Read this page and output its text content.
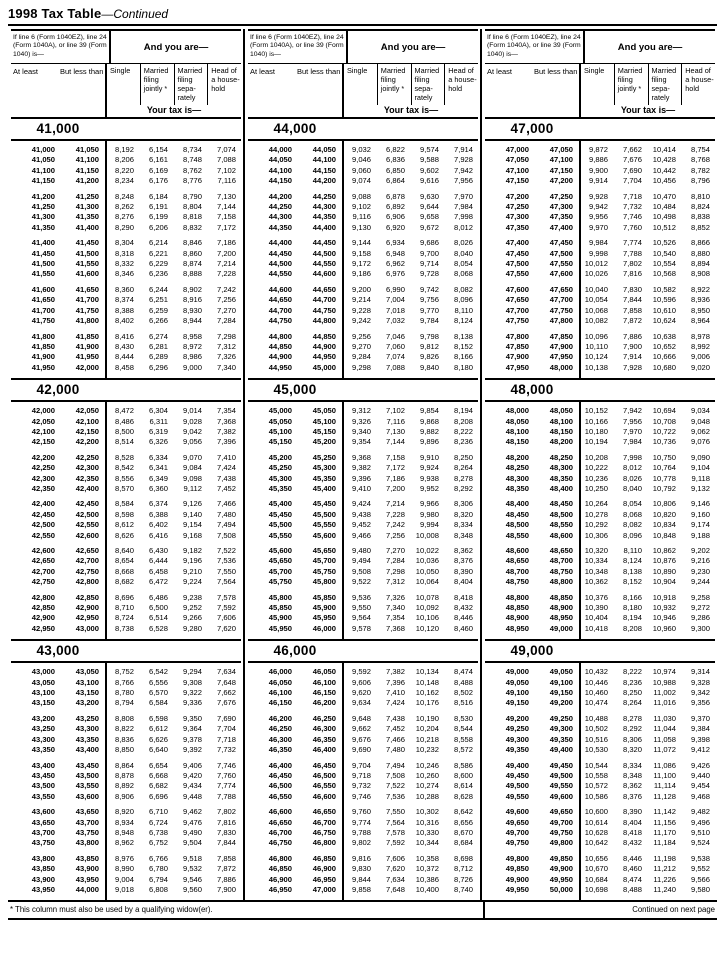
1998 Tax Table—Continued
If line 6 (Form 1040EZ), line 24 (Form 1040A), or line 39 (Form 1040) is—
And you are—
At least	But less than Single	Married filing jointly *
Married filing sepa- rately
Head of a house- hold
Your tax is—
41,000
41,000	41,050	8,192	6,154	8,734	7,074
41,050	41,100	8,206	6,161	8,748	7,088
41,100	41,150	8,220	6,169	8,762	7,102
41,150	41,200	8,234	6,176	8,776	7,116
41,200	41,250	8,248	6,184	8,790	7,130
41,250	41,300	8,262	6,191	8,804	7,144
41,300	41,350	8,276	6,199	8,818	7,158
41,350	41,400	8,290	6,206	8,832	7,172
41,400	41,450	8,304	6,214	8,846	7,186
41,450	41,500	8,318	6,221	8,860	7,200
41,500	41,550	8,332	6,229	8,874	7,214
41,550	41,600	8,346	6,236	8,888	7,228
41,600	41,650	8,360	6,244	8,902	7,242
41,650	41,700	8,374	6,251	8,916	7,256
41,700	41,750	8,388	6,259	8,930	7,270
41,750	41,800	8,402	6,266	8,944	7,284
41,800	41,850	8,416	6,274	8,958	7,298
41,850	41,900	8,430	6,281	8,972	7,312
41,900	41,950	8,444	6,289	8,986	7,326
41,950	42,000	8,458	6,296	9,000	7,340
42,000
42,000	42,050	8,472	6,304	9,014	7,354
42,050	42,100	8,486	6,311	9,028	7,368
42,100	42,150	8,500	6,319	9,042	7,382
42,150	42,200	8,514	6,326	9,056	7,396
42,200	42,250	8,528	6,334	9,070	7,410
42,250	42,300	8,542	6,341	9,084	7,424
42,300	42,350	8,556	6,349	9,098	7,438
42,350	42,400	8,570	6,360	9,112	7,452
42,400	42,450	8,584	6,374	9,126	7,466
42,450	42,500	8,598	6,388	9,140	7,480
42,500	42,550	8,612	6,402	9,154	7,494
42,550	42,600	8,626	6,416	9,168	7,508
42,600	42,650	8,640	6,430	9,182	7,522
42,650	42,700	8,654	6,444	9,196	7,536
42,700	42,750	8,668	6,458	9,210	7,550
42,750	42,800	8,682	6,472	9,224	7,564
42,800	42,850	8,696	6,486	9,238	7,578
42,850	42,900	8,710	6,500	9,252	7,592
42,900	42,950	8,724	6,514	9,266	7,606
42,950	43,000	8,738	6,528	9,280	7,620
43,000
43,000	43,050	8,752	6,542	9,294	7,634
43,050	43,100	8,766	6,556	9,308	7,648
43,100	43,150	8,780	6,570	9,322	7,662
43,150	43,200	8,794	6,584	9,336	7,676
43,200	43,250	8,808	6,598	9,350	7,690
43,250	43,300	8,822	6,612	9,364	7,704
43,300	43,350	8,836	6,626	9,378	7,718
43,350	43,400	8,850	6,640	9,392	7,732
43,400	43,450	8,864	6,654	9,406	7,746
43,450	43,500	8,878	6,668	9,420	7,760
43,500	43,550	8,892	6,682	9,434	7,774
43,550	43,600	8,906	6,696	9,448	7,788
43,600	43,650	8,920	6,710	9,462	7,802
43,650	43,700	8,934	6,724	9,476	7,816
43,700	43,750	8,948	6,738	9,490	7,830
43,750	43,800	8,962	6,752	9,504	7,844
43,800	43,850	8,976	6,766	9,518	7,858
43,850	43,900	8,990	6,780	9,532	7,872
43,900	43,950	9,004	6,794	9,546	7,886
43,950	44,000	9,018	6,808	9,560	7,900
If line 6 (Form 1040EZ), line 24 (Form 1040A), or line 39 (Form 1040) is—
And you are—
At least	But less than Single	Married filing jointly *
Married filing sepa- rately
Head of a house- hold
Your tax is—
44,000
44,000	44,050	9,032	6,822	9,574	7,914
44,050	44,100	9,046	6,836	9,588	7,928
44,100	44,150	9,060	6,850	9,602	7,942
44,150	44,200	9,074	6,864	9,616	7,956
44,200	44,250	9,088	6,878	9,630	7,970
44,250	44,300	9,102	6,892	9,644	7,984
44,300	44,350	9,116	6,906	9,658	7,998
44,350	44,400	9,130	6,920	9,672	8,012
44,400	44,450	9,144	6,934	9,686	8,026
44,450	44,500	9,158	6,948	9,700	8,040
44,500	44,550	9,172	6,962	9,714	8,054
44,550	44,600	9,186	6,976	9,728	8,068
44,600	44,650	9,200	6,990	9,742	8,082
44,650	44,700	9,214	7,004	9,756	8,096
44,700	44,750	9,228	7,018	9,770	8,110
44,750	44,800	9,242	7,032	9,784	8,124
44,800	44,850	9,256	7,046	9,798	8,138
44,850	44,900	9,270	7,060	9,812	8,152
44,900	44,950	9,284	7,074	9,826	8,166
44,950	45,000	9,298	7,088	9,840	8,180
45,000
45,000	45,050	9,312	7,102	9,854	8,194
45,050	45,100	9,326	7,116	9,868	8,208
45,100	45,150	9,340	7,130	9,882	8,222
45,150	45,200	9,354	7,144	9,896	8,236
45,200	45,250	9,368	7,158	9,910	8,250
45,250	45,300	9,382	7,172	9,924	8,264
45,300	45,350	9,396	7,186	9,938	8,278
45,350	45,400	9,410	7,200	9,952	8,292
45,400	45,450	9,424	7,214	9,966	8,306
45,450	45,500	9,438	7,228	9,980	8,320
45,500	45,550	9,452	7,242	9,994	8,334
45,550	45,600	9,466	7,256	10,008	8,348
45,600	45,650	9,480	7,270	10,022	8,362
45,650	45,700	9,494	7,284	10,036	8,376
45,700	45,750	9,508	7,298	10,050	8,390
45,750	45,800	9,522	7,312	10,064	8,404
45,800	45,850	9,536	7,326	10,078	8,418
45,850	45,900	9,550	7,340	10,092	8,432
45,900	45,950	9,564	7,354	10,106	8,446
45,950	46,000	9,578	7,368	10,120	8,460
46,000
46,000	46,050	9,592	7,382	10,134	8,474
46,050	46,100	9,606	7,396	10,148	8,488
46,100	46,150	9,620	7,410	10,162	8,502
46,150	46,200	9,634	7,424	10,176	8,516
46,200	46,250	9,648	7,438	10,190	8,530
46,250	46,300	9,662	7,452	10,204	8,544
46,300	46,350	9,676	7,466	10,218	8,558
46,350	46,400	9,690	7,480	10,232	8,572
46,400	46,450	9,704	7,494	10,246	8,586
46,450	46,500	9,718	7,508	10,260	8,600
46,500	46,550	9,732	7,522	10,274	8,614
46,550	46,600	9,746	7,536	10,288	8,628
46,600	46,650	9,760	7,550	10,302	8,642
46,650	46,700	9,774	7,564	10,316	8,656
46,700	46,750	9,788	7,578	10,330	8,670
46,750	46,800	9,802	7,592	10,344	8,684
46,800	46,850	9,816	7,606	10,358	8,698
46,850	46,900	9,830	7,620	10,372	8,712
46,900	46,950	9,844	7,634	10,386	8,726
46,950	47,000	9,858	7,648	10,400	8,740
If line 6 (Form 1040EZ), line 24 (Form 1040A), or line 39 (Form 1040) is—
And you are—
At least	But less than Single	Married filing jointly *
Married filing sepa- rately
Head of a house- hold
Your tax is—
47,000
47,000	47,050	9,872	7,662	10,414	8,754
47,050	47,100	9,886	7,676	10,428	8,768
47,100	47,150	9,900	7,690	10,442	8,782
47,150	47,200	9,914	7,704	10,456	8,796
47,200	47,250	9,928	7,718	10,470	8,810
47,250	47,300	9,942	7,732	10,484	8,824
47,300	47,350	9,956	7,746	10,498	8,838
47,350	47,400	9,970	7,760	10,512	8,852
47,400	47,450	9,984	7,774	10,526	8,866
47,450	47,500	9,998	7,788	10,540	8,880
47,500	47,550	10,012	7,802	10,554	8,894
47,550	47,600	10,026	7,816	10,568	8,908
47,600	47,650	10,040	7,830	10,582	8,922
47,650	47,700	10,054	7,844	10,596	8,936
47,700	47,750	10,068	7,858	10,610	8,950
47,750	47,800	10,082	7,872	10,624	8,964
47,800	47,850	10,096	7,886	10,638	8,978
47,850	47,900	10,110	7,900	10,652	8,992
47,900	47,950	10,124	7,914	10,666	9,006
47,950	48,000	10,138	7,928	10,680	9,020
48,000
48,000	48,050	10,152	7,942	10,694	9,034
48,050	48,100	10,166	7,956	10,708	9,048
48,100	48,150	10,180	7,970	10,722	9,062
48,150	48,200	10,194	7,984	10,736	9,076
48,200	48,250	10,208	7,998	10,750	9,090
48,250	48,300	10,222	8,012	10,764	9,104
48,300	48,350	10,236	8,026	10,778	9,118
48,350	48,400	10,250	8,040	10,792	9,132
48,400	48,450	10,264	8,054	10,806	9,146
48,450	48,500	10,278	8,068	10,820	9,160
48,500	48,550	10,292	8,082	10,834	9,174
48,550	48,600	10,306	8,096	10,848	9,188
48,600	48,650	10,320	8,110	10,862	9,202
48,650	48,700	10,334	8,124	10,876	9,216
48,700	48,750	10,348	8,138	10,890	9,230
48,750	48,800	10,362	8,152	10,904	9,244
48,800	48,850	10,376	8,166	10,918	9,258
48,850	48,900	10,390	8,180	10,932	9,272
48,900	48,950	10,404	8,194	10,946	9,286
48,950	49,000	10,418	8,208	10,960	9,300
49,000
49,000	49,050	10,432	8,222	10,974	9,314
49,050	49,100	10,446	8,236	10,988	9,328
49,100	49,150	10,460	8,250	11,002	9,342
49,150	49,200	10,474	8,264	11,016	9,356
49,200	49,250	10,488	8,278	11,030	9,370
49,250	49,300	10,502	8,292	11,044	9,384
49,300	49,350	10,516	8,306	11,058	9,398
49,350	49,400	10,530	8,320	11,072	9,412
49,400	49,450	10,544	8,334	11,086	9,426
49,450	49,500	10,558	8,348	11,100	9,440
49,500	49,550	10,572	8,362	11,114	9,454
49,550	49,600	10,586	8,376	11,128	9,468
49,600	49,650	10,600	8,390	11,142	9,482
49,650	49,700	10,614	8,404	11,156	9,496
49,700	49,750	10,628	8,418	11,170	9,510
49,750	49,800	10,642	8,432	11,184	9,524
49,800	49,850	10,656	8,446	11,198	9,538
49,850	49,900	10,670	8,460	11,212	9,552
49,900	49,950	10,684	8,474	11,226	9,566
49,950	50,000	10,698	8,488	11,240	9,580
* This column must also be used by a qualifying widow(er).	Continued on next page
